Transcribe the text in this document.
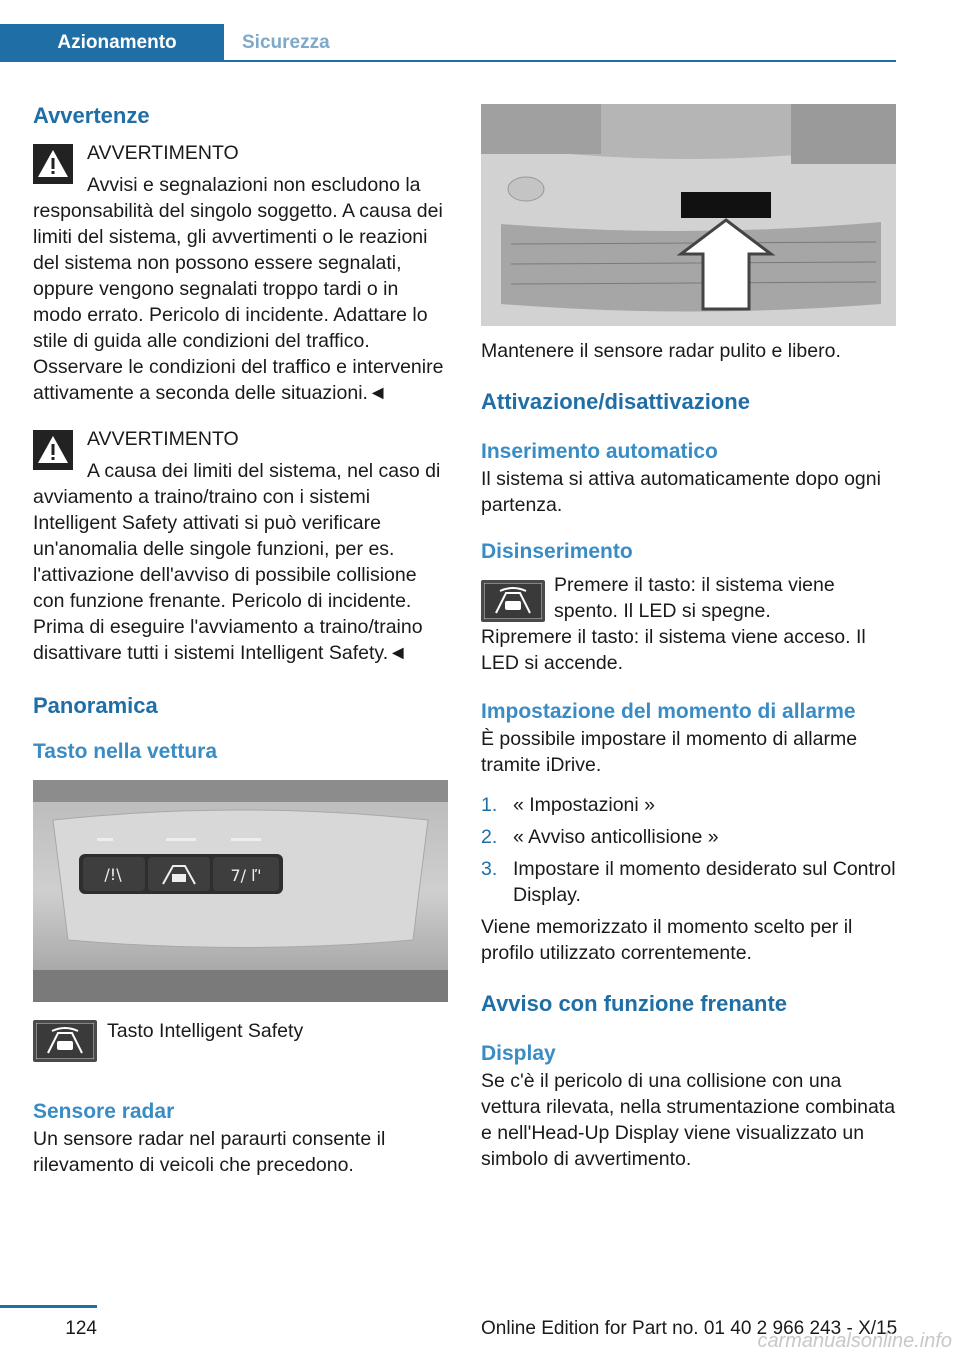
Azionamento	Sicurezza

Avvertenze

AVVERTIMENTO

Avvisi e segnalazioni non escludono la responsabilità del singolo soggetto. A causa dei limiti del sistema, gli avvertimenti o le reazioni del sistema non possono essere segnalati, oppure vengono segnalati troppo tardi o in modo errato. Pericolo di incidente. Adattare lo stile di guida alle condizioni del traffico. Osservare le condizioni del traffico e intervenire attivamente a seconda delle situazioni.◄

AVVERTIMENTO

A causa dei limiti del sistema, nel caso di avviamento a traino/traino con i sistemi Intelligent Safety attivati si può verificare un'anomalia delle singole funzioni, per es. l'attivazione dell'avviso di possibile collisione con funzione frenante. Pericolo di incidente. Prima di eseguire l'avviamento a traino/traino disattivare tutti i sistemi Intelligent Safety.◄

Panoramica

Tasto nella vettura

/!\	7/ ľ'
Tasto Intelligent Safety

Sensore radar

Un sensore radar nel paraurti consente il rilevamento di veicoli che precedono.

Mantenere il sensore radar pulito e libero.

Attivazione/disattivazione

Inserimento automatico

Il sistema si attiva automaticamente dopo ogni partenza.

Disinserimento

Premere il tasto: il sistema viene spento. Il LED si spegne.

Ripremere il tasto: il sistema viene acceso. Il LED si accende.

Impostazione del momento di allarme

È possibile impostare il momento di allarme tramite iDrive.

1. « Impostazioni »
2. « Avviso anticollisione »
3. Impostare il momento desiderato sul Control Display.

Viene memorizzato il momento scelto per il profilo utilizzato correntemente.

Avviso con funzione frenante

Display

Se c'è il pericolo di una collisione con una vettura rilevata, nella strumentazione combinata e nell'Head-Up Display viene visualizzato un simbolo di avvertimento.

124	Online Edition for Part no. 01 40 2 966 243 - X/15
carmanualsonline.info
